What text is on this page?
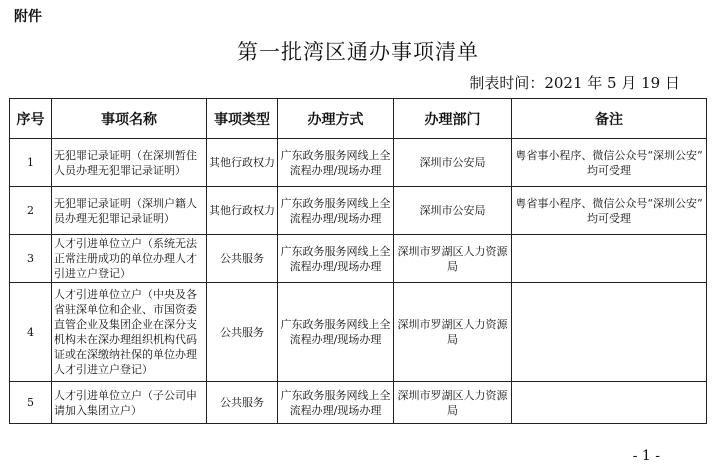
附件
第一批湾区通办事项清单
制表时间：2021 年 5 月 19 日
序号	事项名称	事项类型	办理方式	办理部门	备注
1	无犯罪记录证明（在深圳暂住人员办理无犯罪记录证明）	其他行政权力	广东政务服务网线上全流程办理/现场办理	深圳市公安局	粤省事小程序、微信公众号“深圳公安” 均可受理
2	无犯罪记录证明（深圳户籍人员办理无犯罪记录证明）	其他行政权力	广东政务服务网线上全流程办理/现场办理	深圳市公安局	粤省事小程序、微信公众号“深圳公安” 均可受理
3	人才引进单位立户（系统无法正常注册成功的单位办理人才引进立户登记）	公共服务	广东政务服务网线上全流程办理/现场办理	深圳市罗湖区人力资源局	
4	人才引进单位立户（中央及各省驻深单位和企业、市国资委直管企业及集团企业在深分支机构未在深办理组织机构代码证或在深缴纳社保的单位办理人才引进立户登记）	公共服务	广东政务服务网线上全流程办理/现场办理	深圳市罗湖区人力资源局	
5	人才引进单位立户（子公司申请加入集团立户）	公共服务	广东政务服务网线上全流程办理/现场办理	深圳市罗湖区人力资源局	
- 1 -
